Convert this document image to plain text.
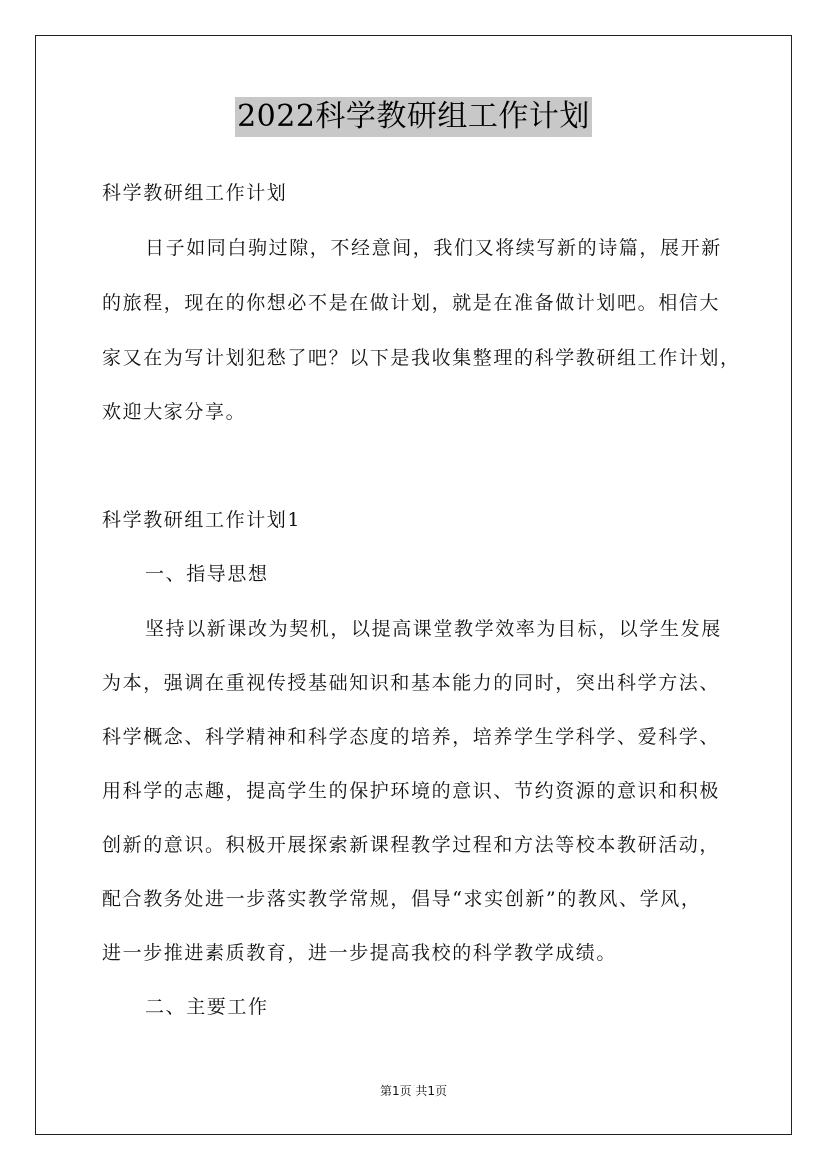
2022科学教研组工作计划
科学教研组工作计划
日子如同白驹过隙，不经意间，我们又将续写新的诗篇，展开新
的旅程，现在的你想必不是在做计划，就是在准备做计划吧。相信大
家又在为写计划犯愁了吧？以下是我收集整理的科学教研组工作计划，
欢迎大家分享。
科学教研组工作计划1
一、指导思想
坚持以新课改为契机，以提高课堂教学效率为目标，以学生发展
为本，强调在重视传授基础知识和基本能力的同时，突出科学方法、
科学概念、科学精神和科学态度的培养，培养学生学科学、爱科学、
用科学的志趣，提高学生的保护环境的意识、节约资源的意识和积极
创新的意识。积极开展探索新课程教学过程和方法等校本教研活动，
配合教务处进一步落实教学常规，倡导“求实创新”的教风、学风，
进一步推进素质教育，进一步提高我校的科学教学成绩。
二、主要工作
第1页 共1页
